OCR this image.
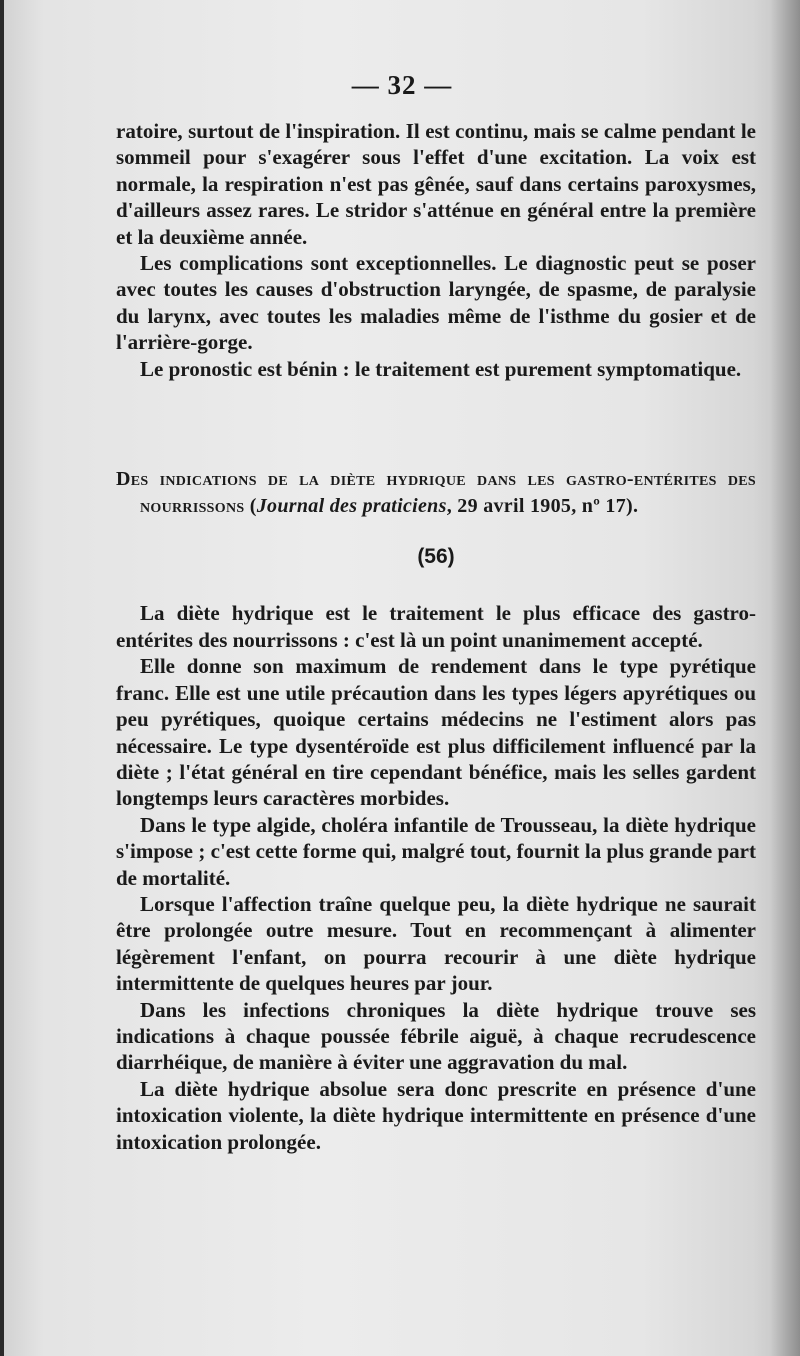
— 32 —

ratoire, surtout de l'inspiration. Il est continu, mais se calme pendant le sommeil pour s'exagérer sous l'effet d'une excitation. La voix est normale, la respiration n'est pas gênée, sauf dans certains paroxysmes, d'ailleurs assez rares. Le stridor s'atténue en général entre la première et la deuxième année.

Les complications sont exceptionnelles. Le diagnostic peut se poser avec toutes les causes d'obstruction laryngée, de spasme, de paralysie du larynx, avec toutes les maladies même de l'isthme du gosier et de l'arrière-gorge.

Le pronostic est bénin : le traitement est purement symptomatique.

Des indications de la diète hydrique dans les gastro-entérites des nourrissons (Journal des praticiens, 29 avril 1905, nº 17).
(56)

La diète hydrique est le traitement le plus efficace des gastro-entérites des nourrissons : c'est là un point unanimement accepté.

Elle donne son maximum de rendement dans le type pyrétique franc. Elle est une utile précaution dans les types légers apyrétiques ou peu pyrétiques, quoique certains médecins ne l'estiment alors pas nécessaire. Le type dysentéroïde est plus difficilement influencé par la diète ; l'état général en tire cependant bénéfice, mais les selles gardent longtemps leurs caractères morbides.

Dans le type algide, choléra infantile de Trousseau, la diète hydrique s'impose ; c'est cette forme qui, malgré tout, fournit la plus grande part de mortalité.

Lorsque l'affection traîne quelque peu, la diète hydrique ne saurait être prolongée outre mesure. Tout en recommençant à alimenter légèrement l'enfant, on pourra recourir à une diète hydrique intermittente de quelques heures par jour.

Dans les infections chroniques la diète hydrique trouve ses indications à chaque poussée fébrile aiguë, à chaque recrudescence diarrhéique, de manière à éviter une aggravation du mal.

La diète hydrique absolue sera donc prescrite en présence d'une intoxication violente, la diète hydrique intermittente en présence d'une intoxication prolongée.
